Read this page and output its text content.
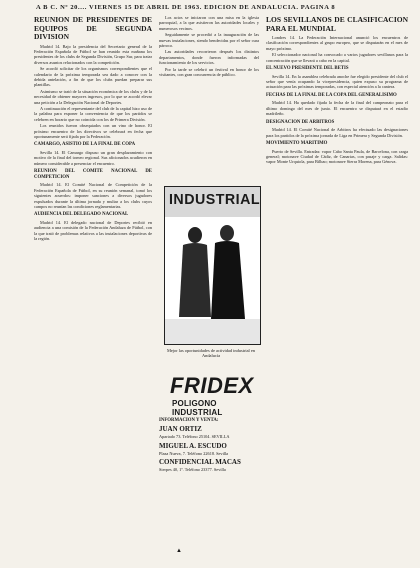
A B C. Nº 20.... VIERNES 15 DE ABRIL DE 1963. EDICION DE ANDALUCIA. PAGINA 8
REUNION DE PRESIDENTES DE EQUIPOS DE SEGUNDA DIVISION

Madrid 14. Bajo la presidencia del Secretario general de la Federación Española de Fútbol se han reunido esta mañana los presidentes de los clubs de Segunda División, Grupo Sur, para tratar diversos asuntos relacionados con la competición.

Se acordó solicitar de los organismos correspondientes que el calendario de la próxima temporada sea dado a conocer con la debida antelación, a fin de que los clubs puedan preparar sus plantillas.

Asimismo se trató de la situación económica de los clubs y de la necesidad de obtener mayores ingresos, por lo que se acordó elevar una petición a la Delegación Nacional de Deportes.

A continuación el representante del club de la capital hizo uso de la palabra para exponer la conveniencia de que los partidos se celebren en horario que no coincida con los de Primera División.

Los reunidos fueron obsequiados con un vino de honor. El próximo encuentro de los directivos se celebrará en fecha que oportunamente será fijada por la Federación.

CAMARGO, ASISTIO DE LA FINAL DE COPA

Sevilla 14. El Camargo dispuso un gran desplazamiento con motivo de la final del torneo regional. Sus aficionados acudieron en número considerable a presenciar el encuentro.

REUNION DEL COMITE NACIONAL DE COMPETICION

Madrid 14. El Comité Nacional de Competición de la Federación Española de Fútbol, en su reunión semanal, tomó los siguientes acuerdos: imponer sanciones a diversos jugadores expulsados durante la última jornada y multar a los clubs cuyos campos no reunían las condiciones reglamentarias.

AUDIENCIA DEL DELEGADO NACIONAL

Madrid 14. El delegado nacional de Deportes recibió en audiencia a una comisión de la Federación Andaluza de Fútbol, con la que trató de problemas relativos a las instalaciones deportivas de la región.

Los actos se iniciaron con una misa en la iglesia parroquial, a la que asistieron las autoridades locales y numerosos vecinos.

Seguidamente se procedió a la inauguración de las nuevas instalaciones, siendo bendecidas por el señor cura párroco.

Las autoridades recorrieron después los distintos departamentos, donde fueron informadas del funcionamiento de los servicios.

Por la tarde se celebró un festival en honor de los visitantes, con gran concurrencia de público.

INDUSTRIAL
Mejor las oportunidades de actividad industrial en Andalucía
FRIDEX
POLIGONO INDUSTRIAL

INFORMACION Y VENTA:

JUAN ORTIZ

Apartado 73. Teléfono 25104. SEVILLA

MIGUEL A. ESCUDO

Plaza Nueva, 7. Teléfono 22618. Sevilla

CONFIDENCIAL MACAS

Sierpes 40, 1º. Teléfono 23377. Sevilla

LOS SEVILLANOS DE CLASIFICACION PARA EL MUNDIAL

Londres 14. La Federación Internacional anunció los encuentros de clasificación correspondientes al grupo europeo, que se disputarán en el mes de mayo próximo.

El seleccionador nacional ha convocado a varios jugadores sevillanos para la concentración que se llevará a cabo en la capital.

EL NUEVO PRESIDENTE DEL BETIS

Sevilla 14. En la asamblea celebrada anoche fue elegido presidente del club el señor que venía ocupando la vicepresidencia, quien expuso su programa de actuación para las próximas temporadas, con especial atención a la cantera.

FECHAS DE LA FINAL DE LA COPA DEL GENERALISIMO

Madrid 14. Ha quedado fijada la fecha de la final del campeonato para el último domingo del mes de junio. El encuentro se disputará en el estadio madrileño.

DESIGNACION DE ARBITROS

Madrid 14. El Comité Nacional de Arbitros ha efectuado las designaciones para los partidos de la próxima jornada de Liga en Primera y Segunda División.

MOVIMIENTO MARITIMO

Puerto de Sevilla. Entradas: vapor Cabo Santa Paula, de Barcelona, con carga general; motonave Ciudad de Cádiz, de Canarias, con pasaje y carga. Salidas: vapor Monte Urquiola, para Bilbao; motonave Sierra Morena, para Génova.

▲
